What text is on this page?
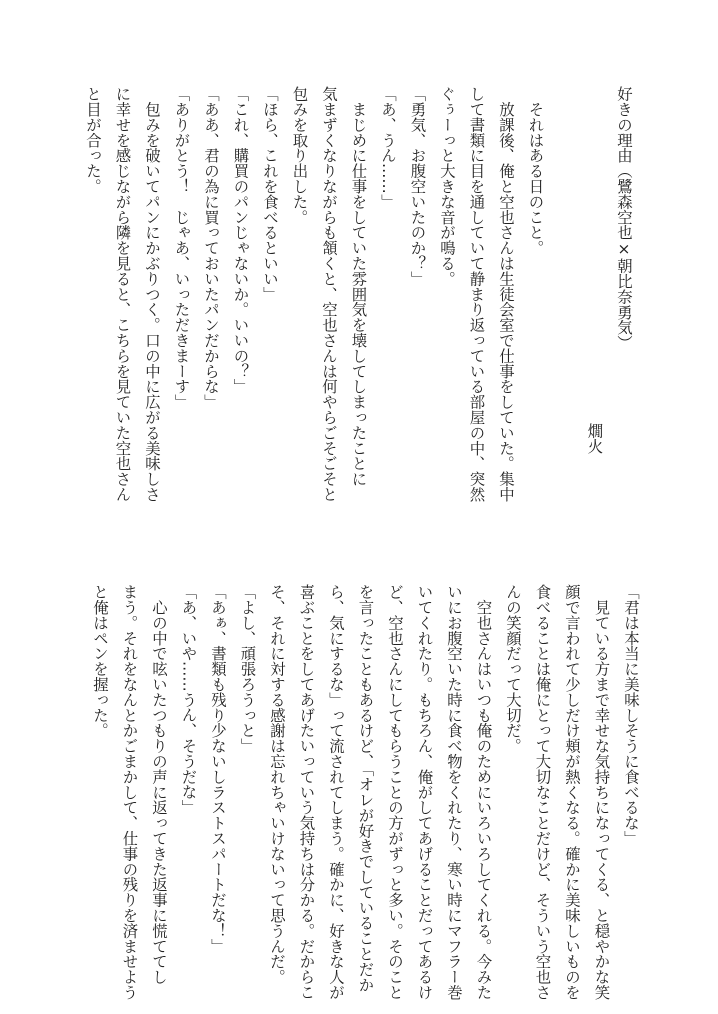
好きの理由（鷺森空也×朝比奈勇気）
燗火

　それはある日のこと。
　放課後、俺と空也さんは生徒会室で仕事をしていた。集中
して書類に目を通していて静まり返っている部屋の中、突然
ぐぅーっと大きな音が鳴る。
「勇気、お腹空いたのか？」
「あ、うん……」
　まじめに仕事をしていた雰囲気を壊してしまったことに
気まずくなりながらも頷くと、空也さんは何やらごそごそと
包みを取り出した。
「ほら、これを食べるといい」
「これ、購買のパンじゃないか。いいの？」
「ああ、君の為に買っておいたパンだからな」
「ありがとう！　じゃあ、いっただきまーす」
　包みを破いてパンにかぶりつく。口の中に広がる美味しさ
に幸せを感じながら隣を見ると、こちらを見ていた空也さん
と目が合った。
「君は本当に美味しそうに食べるな」
　見ている方まで幸せな気持ちになってくる、と穏やかな笑
顔で言われて少しだけ頬が熱くなる。確かに美味しいものを
食べることは俺にとって大切なことだけど、そういう空也さ
んの笑顔だって大切だ。
　空也さんはいつも俺のためにいろいろしてくれる。今みた
いにお腹空いた時に食べ物をくれたり、寒い時にマフラー巻
いてくれたり。もちろん、俺がしてあげることだってあるけ
ど、空也さんにしてもらうことの方がずっと多い。そのこと
を言ったこともあるけど、「オレが好きでしていることだか
ら、気にするな」って流されてしまう。確かに、好きな人が
喜ぶことをしてあげたいっていう気持ちは分かる。だからこ
そ、それに対する感謝は忘れちゃいけないって思うんだ。
「よし、頑張ろうっと」
「あぁ、書類も残り少ないしラストスパートだな！」
「あ、いや……うん、そうだな」
　心の中で呟いたつもりの声に返ってきた返事に慌ててし
まう。それをなんとかごまかして、仕事の残りを済ませよう
と俺はペンを握った。
